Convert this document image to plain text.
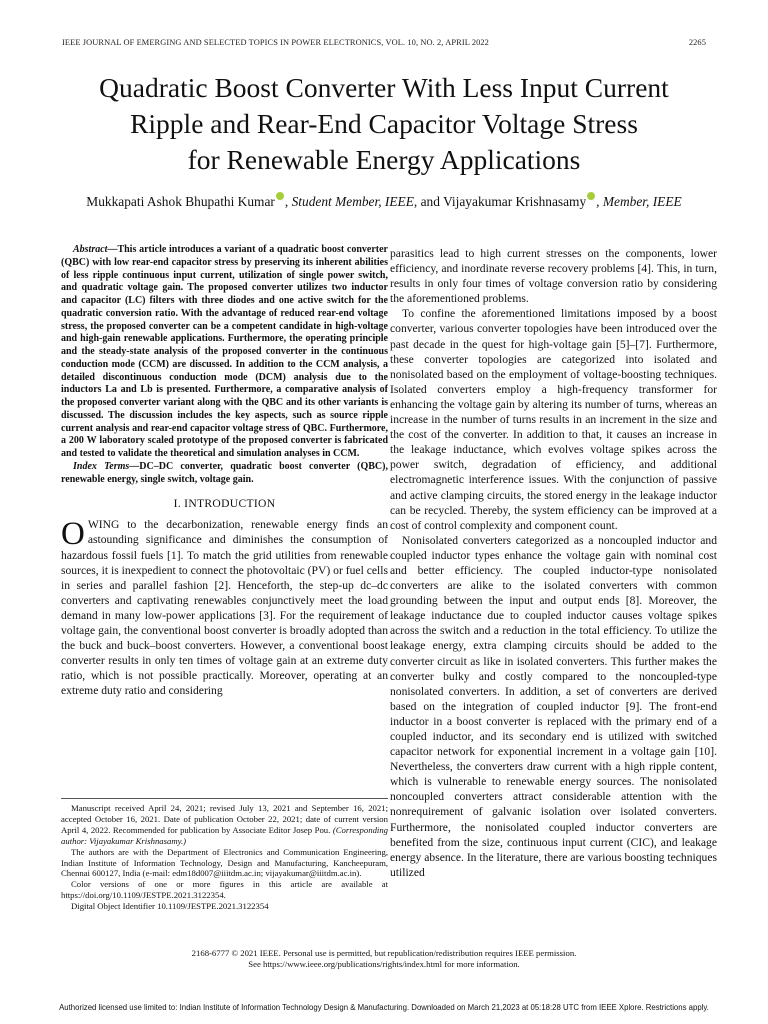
IEEE JOURNAL OF EMERGING AND SELECTED TOPICS IN POWER ELECTRONICS, VOL. 10, NO. 2, APRIL 2022	2265
Quadratic Boost Converter With Less Input Current
Ripple and Rear-End Capacitor Voltage Stress
for Renewable Energy Applications
Mukkapati Ashok Bhupathi Kumar , Student Member, IEEE, and Vijayakumar Krishnasamy , Member, IEEE

Abstract—This article introduces a variant of a quadratic boost converter (QBC) with low rear-end capacitor stress by preserving its inherent abilities of less ripple continuous input current, utilization of single power switch, and quadratic voltage gain. The proposed converter utilizes two inductor and capacitor (LC) filters with three diodes and one active switch for the quadratic conversion ratio. With the advantage of reduced rear-end voltage stress, the proposed converter can be a competent candidate in high-voltage and high-gain renewable applications. Furthermore, the operating principle and the steady-state analysis of the proposed converter in the continuous conduction mode (CCM) are discussed. In addition to the CCM analysis, a detailed discontinuous conduction mode (DCM) analysis due to the inductors La and Lb is presented. Furthermore, a comparative analysis of the proposed converter variant along with the QBC and its other variants is discussed. The discussion includes the key aspects, such as source ripple current analysis and rear-end capacitor voltage stress of QBC. Furthermore, a 200 W laboratory scaled prototype of the proposed converter is fabricated and tested to validate the theoretical and simulation analyses in CCM.

Index Terms—DC–DC converter, quadratic boost converter (QBC), renewable energy, single switch, voltage gain.

I. INTRODUCTION

OWING to the decarbonization, renewable energy finds an astounding significance and diminishes the consumption of hazardous fossil fuels [1]. To match the grid utilities from renewable sources, it is inexpedient to connect the photovoltaic (PV) or fuel cells in series and parallel fashion [2]. Henceforth, the step-up dc–dc converters and captivating renewables conjunctively meet the load demand in many low-power applications [3]. For the requirement of voltage gain, the conventional boost converter is broadly adopted than the buck and buck–boost converters. However, a conventional boost converter results in only ten times of voltage gain at an extreme duty ratio, which is not possible practically. Moreover, operating at an extreme duty ratio and considering

Manuscript received April 24, 2021; revised July 13, 2021 and September 16, 2021; accepted October 16, 2021. Date of publication October 22, 2021; date of current version April 4, 2022. Recommended for publication by Associate Editor Josep Pou. (Corresponding author: Vijayakumar Krishnasamy.)

The authors are with the Department of Electronics and Communication Engineering, Indian Institute of Information Technology, Design and Manufacturing, Kancheepuram, Chennai 600127, India (e-mail: edm18d007@iiitdm.ac.in; vijayakumar@iiitdm.ac.in).

Color versions of one or more figures in this article are available at https://doi.org/10.1109/JESTPE.2021.3122354.

Digital Object Identifier 10.1109/JESTPE.2021.3122354

parasitics lead to high current stresses on the components, lower efficiency, and inordinate reverse recovery problems [4]. This, in turn, results in only four times of voltage conversion ratio by considering the aforementioned problems.

To confine the aforementioned limitations imposed by a boost converter, various converter topologies have been introduced over the past decade in the quest for high-voltage gain [5]–[7]. Furthermore, these converter topologies are categorized into isolated and nonisolated based on the employment of voltage-boosting techniques. Isolated converters employ a high-frequency transformer for enhancing the voltage gain by altering its number of turns, whereas an increase in the number of turns results in an increment in the size and the cost of the converter. In addition to that, it causes an increase in the leakage inductance, which evolves voltage spikes across the power switch, degradation of efficiency, and additional electromagnetic interference issues. With the conjunction of passive and active clamping circuits, the stored energy in the leakage inductor can be recycled. Thereby, the system efficiency can be improved at a cost of control complexity and component count.

Nonisolated converters categorized as a noncoupled inductor and coupled inductor types enhance the voltage gain with nominal cost and better efficiency. The coupled inductor-type nonisolated converters are alike to the isolated converters with common grounding between the input and output ends [8]. Moreover, the leakage inductance due to coupled inductor causes voltage spikes across the switch and a reduction in the total efficiency. To utilize the leakage energy, extra clamping circuits should be added to the converter circuit as like in isolated converters. This further makes the converter bulky and costly compared to the noncoupled-type nonisolated converters. In addition, a set of converters are derived based on the integration of coupled inductor [9]. The front-end inductor in a boost converter is replaced with the primary end of a coupled inductor, and its secondary end is utilized with switched capacitor network for exponential increment in a voltage gain [10]. Nevertheless, the converters draw current with a high ripple content, which is vulnerable to renewable energy sources. The nonisolated noncoupled converters attract considerable attention with the nonrequirement of galvanic isolation over isolated converters. Furthermore, the nonisolated coupled inductor converters are benefited from the size, continuous input current (CIC), and leakage energy absence. In the literature, there are various boosting techniques utilized

2168-6777 © 2021 IEEE. Personal use is permitted, but republication/redistribution requires IEEE permission.
See https://www.ieee.org/publications/rights/index.html for more information.
Authorized licensed use limited to: Indian Institute of Information Technology Design & Manufacturing. Downloaded on March 21,2023 at 05:18:28 UTC from IEEE Xplore. Restrictions apply.
